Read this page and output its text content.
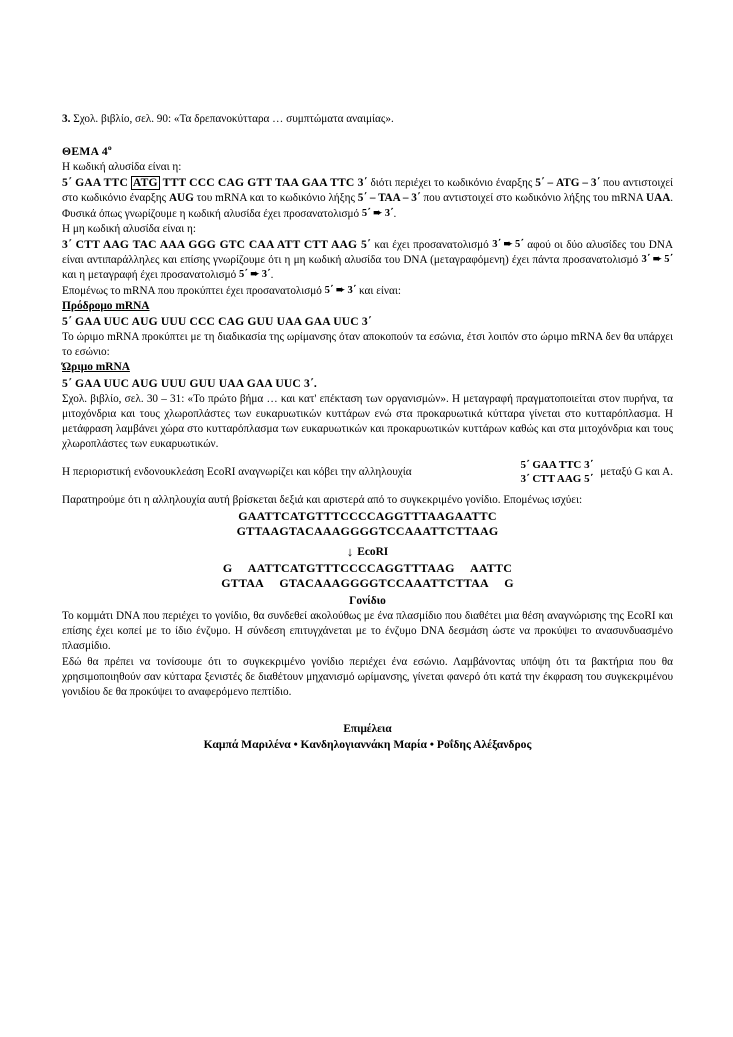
3. Σχολ. βιβλίο, σελ. 90: «Τα δρεπανοκύτταρα … συμπτώματα αναιμίας».
ΘΕΜΑ $4^o$
Η κωδική αλυσίδα είναι η:
5΄ GAA TTC ATG TTT CCC CAG GTT TAA GAA TTC 3΄ διότι περιέχει το κωδικόνιο έναρξης 5΄ – ATG – 3΄ που αντιστοιχεί στο κωδικόνιο έναρξης AUG του mRNA και το κωδικόνιο λήξης 5΄ – ΤΑΑ – 3΄ που αντιστοιχεί στο κωδικόνιο λήξης του mRNA UAA. Φυσικά όπως γνωρίζουμε η κωδική αλυσίδα έχει προσανατολισμό 5΄ ➨ 3΄.
Η μη κωδική αλυσίδα είναι η:
3΄ CTT AAG TAC AAA GGG GTC CAA ATT CTT AAG 5΄ και έχει προσανατολισμό 3΄ ➨ 5΄ αφού οι δύο αλυσίδες του DNA είναι αντιπαράλληλες και επίσης γνωρίζουμε ότι η μη κωδική αλυσίδα του DNA (μεταγραφόμενη) έχει πάντα προσανατολισμό 3΄ ➨ 5΄ και η μεταγραφή έχει προσανατολισμό 5΄ ➨ 3΄.
Επομένως το mRNA που προκύπτει έχει προσανατολισμό 5΄ ➨ 3΄ και είναι:
Πρόδρομο mRNA
5΄ GAA UUC AUG UUU CCC CAG GUU UAA GAA UUC 3΄
Το ώριμο mRNA προκύπτει με τη διαδικασία της ωρίμανσης όταν αποκοπούν τα εσώνια, έτσι λοιπόν στο ώριμο mRNA δεν θα υπάρχει το εσώνιο:
Ώριμο mRNA
5΄ GAA UUC AUG UUU GUU UAA GAA UUC 3΄.
Σχολ. βιβλίο, σελ. 30 – 31: «Το πρώτο βήμα … και κατ' επέκταση των οργανισμών». Η μεταγραφή πραγματοποιείται στον πυρήνα, τα μιτοχόνδρια και τους χλωροπλάστες των ευκαρυωτικών κυττάρων ενώ στα προκαρυωτικά κύτταρα γίνεται στο κυτταρόπλασμα. Η μετάφραση λαμβάνει χώρα στο κυτταρόπλασμα των ευκαρυωτικών και προκαρυωτικών κυττάρων καθώς και στα μιτοχόνδρια και τους χλωροπλάστες των ευκαρυωτικών.
Η περιοριστική ενδονουκλεάση EcoRI αναγνωρίζει και κόβει την αλληλουχία
5΄ GAA TTC 3΄
3΄ CTT AAG 5΄
μεταξύ G και Α.
Παρατηρούμε ότι η αλληλουχία αυτή βρίσκεται δεξιά και αριστερά από το συγκεκριμένο γονίδιο. Επομένως ισχύει:
GAATTCATGTTTCCCCAGGTTTAAGAATTC
GTTAAGTACAAAGGGGTCCAAATTCTTAAG
↓ EcoRI
G     AATTCATGTTTCCCCAGGTTTAAG     AATTC
GTTAA     GTACAAAGGGGTCCAAATTCTTAA     G
Γονίδιο
Το κομμάτι DNA που περιέχει το γονίδιο, θα συνδεθεί ακολούθως με ένα πλασμίδιο που διαθέτει μια θέση αναγνώρισης της EcoRI και επίσης έχει κοπεί με το ίδιο ένζυμο. Η σύνδεση επιτυγχάνεται με το ένζυμο DNA δεσμάση ώστε να προκύψει το ανασυνδυασμένο πλασμίδιο.
Εδώ θα πρέπει να τονίσουμε ότι το συγκεκριμένο γονίδιο περιέχει ένα εσώνιο. Λαμβάνοντας υπόψη ότι τα βακτήρια που θα χρησιμοποιηθούν σαν κύτταρα ξενιστές δε διαθέτουν μηχανισμό ωρίμανσης, γίνεται φανερό ότι κατά την έκφραση του συγκεκριμένου γονιδίου δε θα προκύψει το αναφερόμενο πεπτίδιο.
Επιμέλεια
Καμπά Μαριλένα • Κανδηλογιαννάκη Μαρία • Ροΐδης Αλέξανδρος
